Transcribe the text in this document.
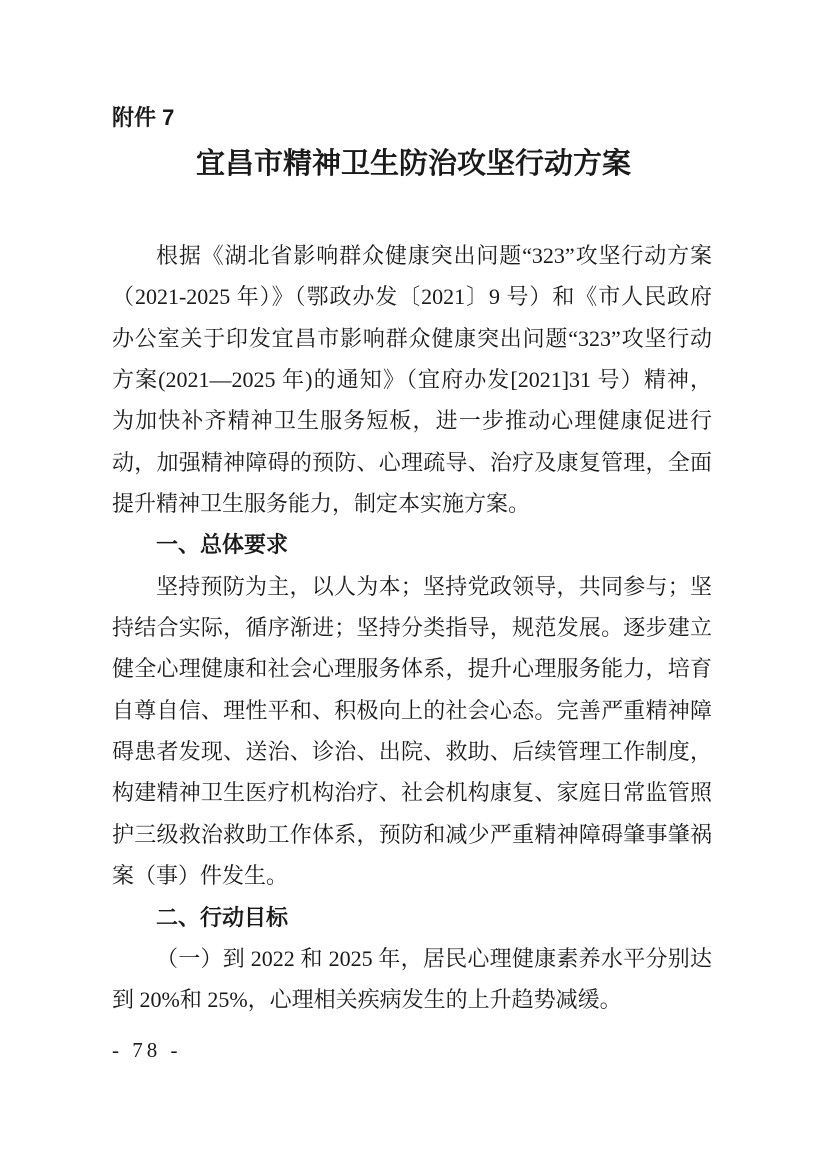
附件 7
宜昌市精神卫生防治攻坚行动方案
根据《湖北省影响群众健康突出问题“323”攻坚行动方案
（2021-2025 年）》（鄂政办发〔2021〕9 号）和《市人民政府
办公室关于印发宜昌市影响群众健康突出问题“323”攻坚行动
方案(2021—2025 年)的通知》（宜府办发[2021]31 号）精神，
为加快补齐精神卫生服务短板，进一步推动心理健康促进行
动，加强精神障碍的预防、心理疏导、治疗及康复管理，全面
提升精神卫生服务能力，制定本实施方案。
一、总体要求
坚持预防为主，以人为本；坚持党政领导，共同参与；坚
持结合实际，循序渐进；坚持分类指导，规范发展。逐步建立
健全心理健康和社会心理服务体系，提升心理服务能力，培育
自尊自信、理性平和、积极向上的社会心态。完善严重精神障
碍患者发现、送治、诊治、出院、救助、后续管理工作制度，
构建精神卫生医疗机构治疗、社会机构康复、家庭日常监管照
护三级救治救助工作体系，预防和减少严重精神障碍肇事肇祸
案（事）件发生。
二、行动目标
（一）到 2022 和 2025 年，居民心理健康素养水平分别达
到 20%和 25%，心理相关疾病发生的上升趋势减缓。
- 78 -
